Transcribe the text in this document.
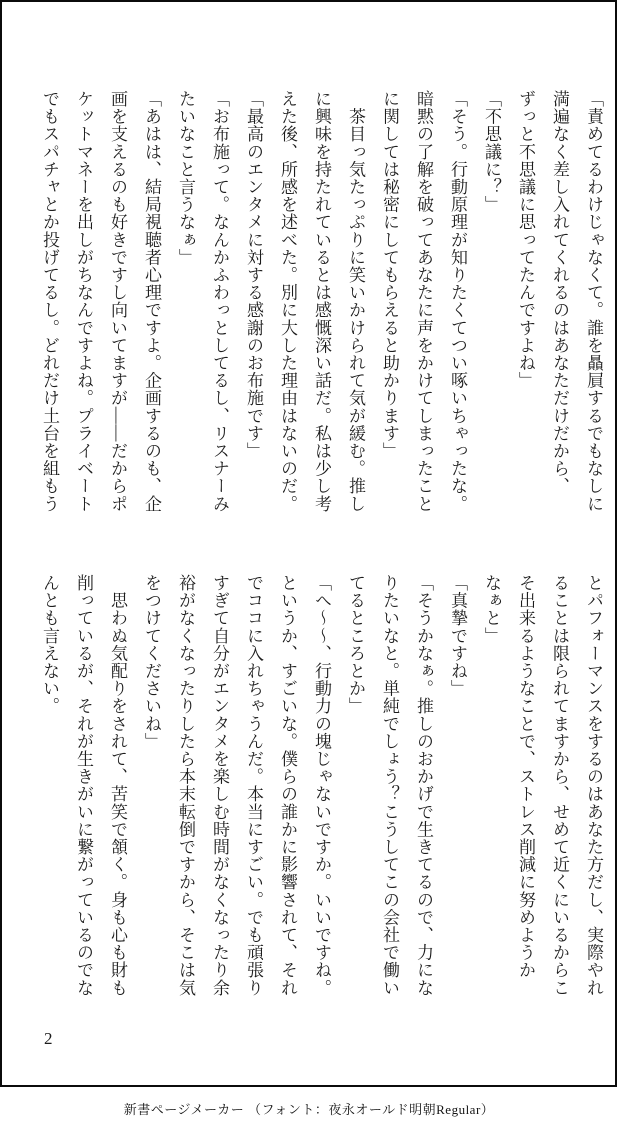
「責めてるわけじゃなくて。誰を贔屓するでもなしに
満遍なく差し入れてくれるのはあなただけだから、
ずっと不思議に思ってたんですよね」
「不思議に？」
「そう。行動原理が知りたくてつい啄いちゃったな。
暗黙の了解を破ってあなたに声をかけてしまったこと
に関しては秘密にしてもらえると助かります」
　茶目っ気たっぷりに笑いかけられて気が緩む。推し
に興味を持たれているとは感慨深い話だ。私は少し考
えた後、所感を述べた。別に大した理由はないのだ。
「最高のエンタメに対する感謝のお布施です」
「お布施って。なんかふわっとしてるし、リスナーみ
たいなこと言うなぁ」
「あはは、結局視聴者心理ですよ。企画するのも、企
画を支えるのも好きですし向いてますが――だからポ
ケットマネーを出しがちなんですよね。プライベート
でもスパチャとか投げてるし。どれだけ土台を組もう
とパフォーマンスをするのはあなた方だし、実際やれ
ることは限られてますから、せめて近くにいるからこ
そ出来るようなことで、ストレス削減に努めようか
なぁと」
「真摯ですね」
「そうかなぁ。推しのおかげで生きてるので、力にな
りたいなと。単純でしょう？こうしてこの会社で働い
てるところとか」
「へ～～、行動力の塊じゃないですか。いいですね。
というか、すごいな。僕らの誰かに影響されて、それ
でココに入れちゃうんだ。本当にすごい。でも頑張り
すぎて自分がエンタメを楽しむ時間がなくなったり余
裕がなくなったりしたら本末転倒ですから、そこは気
をつけてくださいね」
　思わぬ気配りをされて、苦笑で頷く。身も心も財も
削っているが、それが生きがいに繋がっているのでな
んとも言えない。
2
新書ページメーカー （フォント：夜永オールド明朝Regular）
